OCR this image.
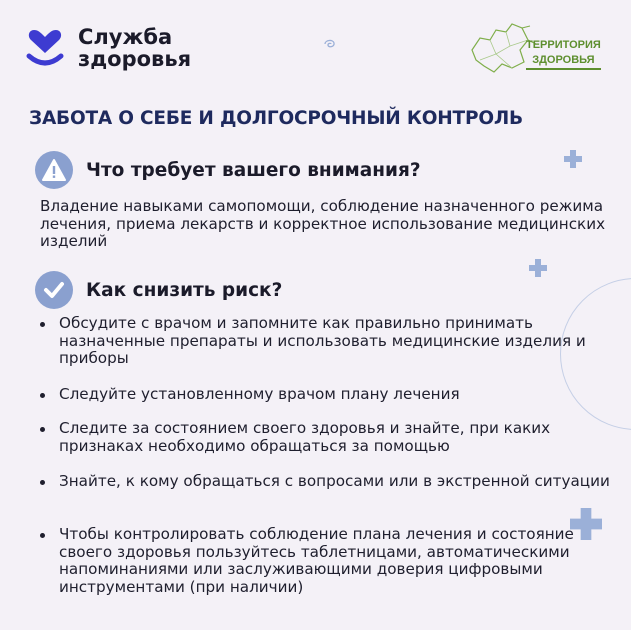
Служба
здоровья
ТЕРРИТОРИЯ
ЗДОРОВЬЯ
ЗАБОТА О СЕБЕ И ДОЛГОСРОЧНЫЙ КОНТРОЛЬ
Что требует вашего внимания?

Владение навыками самопомощи, соблюдение назначенного режима лечения, приема лекарств и корректное использование медицинских изделий

Как снизить риск?
Обсудите с врачом и запомните как правильно принимать назначенные препараты и использовать медицинские изделия и приборы
Следуйте установленному врачом плану лечения
Следите за состоянием своего здоровья и знайте, при каких признаках необходимо обращаться за помощью
Знайте, к кому обращаться с вопросами или в экстренной ситуации
Чтобы контролировать соблюдение плана лечения и состояние своего здоровья пользуйтесь таблетницами, автоматическими напоминаниями или заслуживающими доверия цифровыми инструментами (при наличии)
